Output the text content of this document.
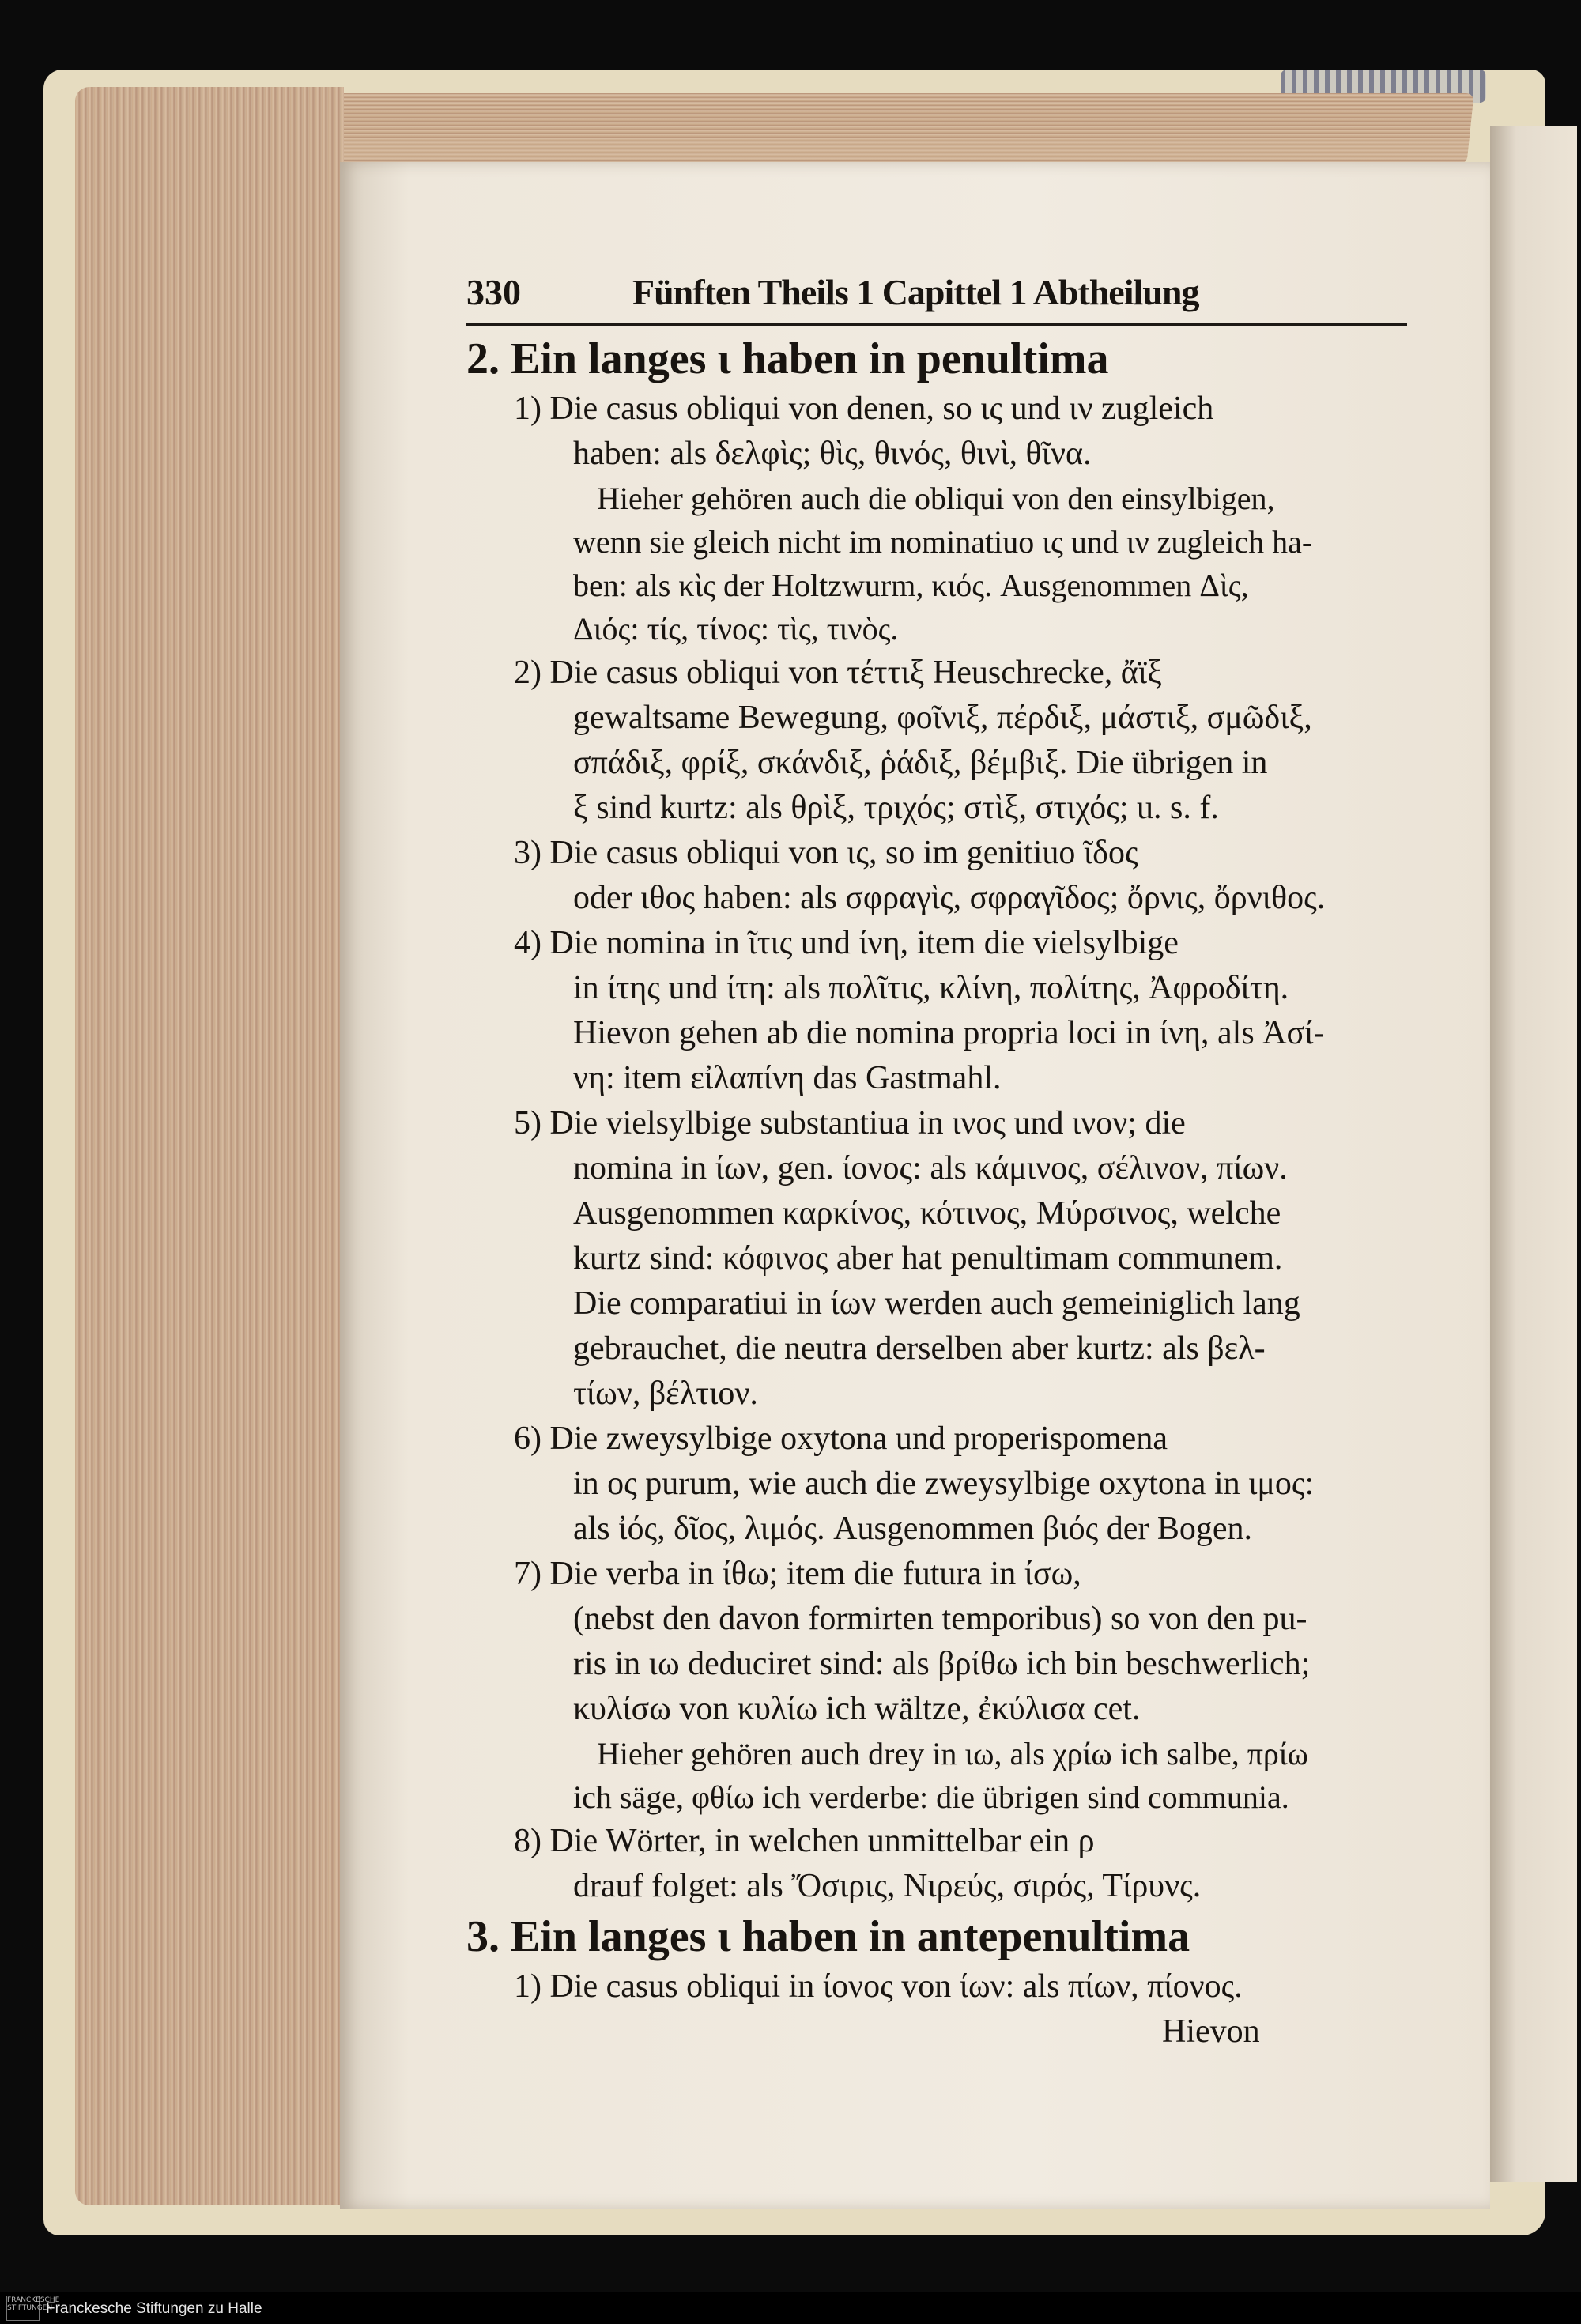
330	Fünften Theils 1 Capittel 1 Abtheilung
2. Ein langes ι haben in penultima
1) Die casus obliqui von denen, so ις und ιν zugleich
haben: als δελφὶς; θὶς, θινός, θινὶ, θῖνα.
Hieher gehören auch die obliqui von den einsylbigen,
wenn sie gleich nicht im nominatiuo ις und ιν zugleich ha-
ben: als κὶς der Holtzwurm, κιός. Ausgenommen Δὶς,
Διός: τίς, τίνος: τὶς, τινὸς.
2) Die casus obliqui von τέττιξ Heuschrecke, ἄϊξ
gewaltsame Bewegung, φοῖνιξ, πέρδιξ, μάστιξ, σμῶδιξ,
σπάδιξ, φρίξ, σκάνδιξ, ῥάδιξ, βέμβιξ. Die übrigen in
ξ sind kurtz: als θρὶξ, τριχός; στὶξ, στιχός; u. s. f.
3) Die casus obliqui von ις, so im genitiuo ῖδος
oder ιθος haben: als σφραγὶς, σφραγῖδος; ὄρνις, ὄρνιθος.
4) Die nomina in ῖτις und ίνη, item die vielsylbige
in ίτης und ίτη: als πολῖτις, κλίνη, πολίτης, Ἀφροδίτη.
Hievon gehen ab die nomina propria loci in ίνη, als Ἀσί-
νη: item εἰλαπίνη das Gastmahl.
5) Die vielsylbige substantiua in ινος und ινον; die
nomina in ίων, gen. ίονος: als κάμινος, σέλινον, πίων.
Ausgenommen καρκίνος, κότινος, Μύρσινος, welche
kurtz sind: κόφινος aber hat penultimam communem.
Die comparatiui in ίων werden auch gemeiniglich lang
gebrauchet, die neutra derselben aber kurtz: als βελ-
τίων, βέλτιον.
6) Die zweysylbige oxytona und properispomena
in ος purum, wie auch die zweysylbige oxytona in ιμος:
als ἰός, δῖος, λιμός. Ausgenommen βιός der Bogen.
7) Die verba in ίθω; item die futura in ίσω,
(nebst den davon formirten temporibus) so von den pu-
ris in ιω deduciret sind: als βρίθω ich bin beschwerlich;
κυλίσω von κυλίω ich wältze, ἐκύλισα cet.
Hieher gehören auch drey in ιω, als χρίω ich salbe, πρίω
ich säge, φθίω ich verderbe: die übrigen sind communia.
8) Die Wörter, in welchen unmittelbar ein ρ
drauf folget: als Ὄσιρις, Νιρεύς, σιρός, Τίρυνς.
3. Ein langes ι haben in antepenultima
1) Die casus obliqui in ίονος von ίων: als πίων, πίονος.
Hievon
FRANCKESCHE STIFTUNGEN
Franckesche Stiftungen zu Halle
